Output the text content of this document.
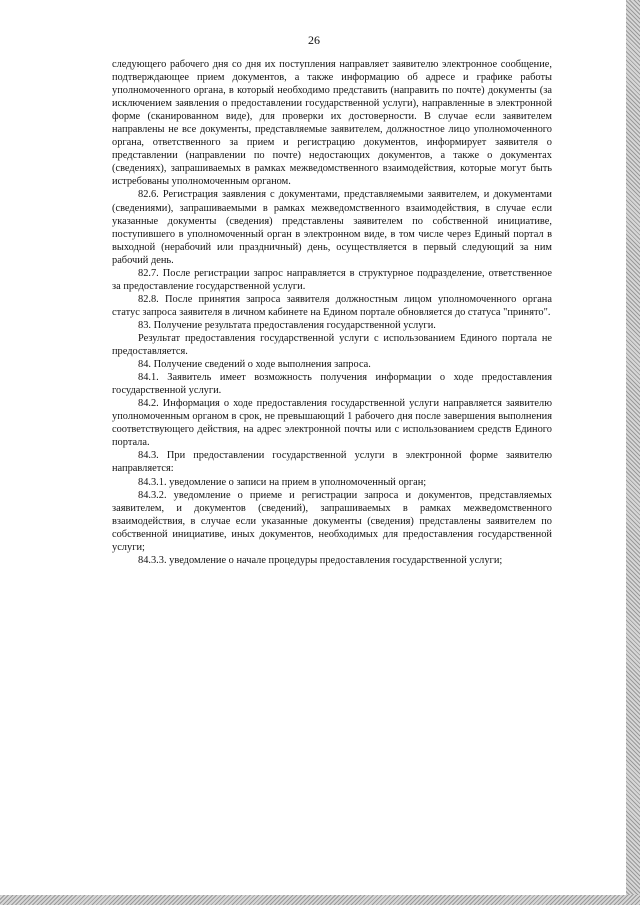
26

следующего рабочего дня со дня их поступления направляет заявителю электронное сообщение, подтверждающее прием документов, а также информацию об адресе и графике работы уполномоченного органа, в который необходимо представить (направить по почте) документы (за исключением заявления о предоставлении государственной услуги), направленные в электронной форме (сканированном виде), для проверки их достоверности. В случае если заявителем направлены не все документы, представляемые заявителем, должностное лицо уполномоченного органа, ответственного за прием и регистрацию документов, информирует заявителя о представлении (направлении по почте) недостающих документов, а также о документах (сведениях), запрашиваемых в рамках межведомственного взаимодействия, которые могут быть истребованы уполномоченным органом.

82.6. Регистрация заявления с документами, представляемыми заявителем, и документами (сведениями), запрашиваемыми в рамках межведомственного взаимодействия, в случае если указанные документы (сведения) представлены заявителем по собственной инициативе, поступившего в уполномоченный орган в электронном виде, в том числе через Единый портал в выходной (нерабочий или праздничный) день, осуществляется в первый следующий за ним рабочий день.

82.7. После регистрации запрос направляется в структурное подразделение, ответственное за предоставление государственной услуги.

82.8. После принятия запроса заявителя должностным лицом уполномоченного органа статус запроса заявителя в личном кабинете на Едином портале обновляется до статуса "принято".

83. Получение результата предоставления государственной услуги.

Результат предоставления государственной услуги с использованием Единого портала не предоставляется.

84. Получение сведений о ходе выполнения запроса.

84.1. Заявитель имеет возможность получения информации о ходе предоставления государственной услуги.

84.2. Информация о ходе предоставления государственной услуги направляется заявителю уполномоченным органом в срок, не превышающий 1 рабочего дня после завершения выполнения соответствующего действия, на адрес электронной почты или с использованием средств Единого портала.

84.3. При предоставлении государственной услуги в электронной форме заявителю направляется:

84.3.1. уведомление о записи на прием в уполномоченный орган;

84.3.2. уведомление о приеме и регистрации запроса и документов, представляемых заявителем, и документов (сведений), запрашиваемых в рамках межведомственного взаимодействия, в случае если указанные документы (сведения) представлены заявителем по собственной инициативе, иных документов, необходимых для предоставления государственной услуги;

84.3.3. уведомление о начале процедуры предоставления государственной услуги;
